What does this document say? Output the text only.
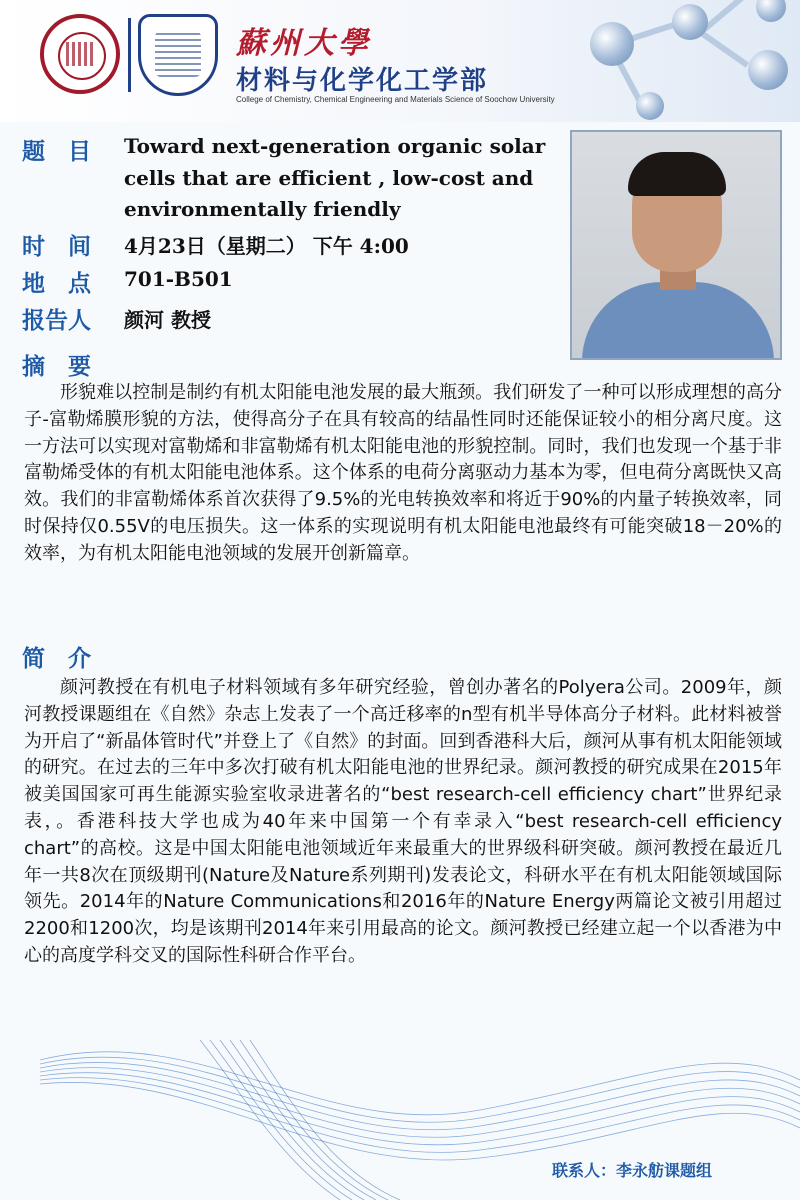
蘇州大學
材料与化学化工学部
College of Chemistry, Chemical Engineering and Materials Science of Soochow University
题　目 Toward next-generation organic solar
cells that are efficient , low-cost and
environmentally friendly
时　间 4月23日（星期二） 下午 4:00
地　点 701-B501
报告人 颜河 教授
摘　要
形貌难以控制是制约有机太阳能电池发展的最大瓶颈。我们研发了一种可以形成理想的高分子-富勒烯膜形貌的方法，使得高分子在具有较高的结晶性同时还能保证较小的相分离尺度。这一方法可以实现对富勒烯和非富勒烯有机太阳能电池的形貌控制。同时，我们也发现一个基于非富勒烯受体的有机太阳能电池体系。这个体系的电荷分离驱动力基本为零，但电荷分离既快又高效。我们的非富勒烯体系首次获得了9.5%的光电转换效率和将近于90%的内量子转换效率，同时保持仅0.55V的电压损失。这一体系的实现说明有机太阳能电池最终有可能突破18－20%的效率，为有机太阳能电池领域的发展开创新篇章。
简　介
颜河教授在有机电子材料领域有多年研究经验，曾创办著名的Polyera公司。2009年，颜河教授课题组在《自然》杂志上发表了一个高迁移率的n型有机半导体高分子材料。此材料被誉为开启了“新晶体管时代”并登上了《自然》的封面。回到香港科大后，颜河从事有机太阳能领域的研究。在过去的三年中多次打破有机太阳能电池的世界纪录。颜河教授的研究成果在2015年被美国国家可再生能源实验室收录进著名的“best research-cell efficiency chart”世界纪录表，。香港科技大学也成为40年来中国第一个有幸录入“best research-cell efficiency chart”的高校。这是中国太阳能电池领域近年来最重大的世界级科研突破。颜河教授在最近几年一共8次在顶级期刊(Nature及Nature系列期刊)发表论文，科研水平在有机太阳能领域国际领先。2014年的Nature Communications和2016年的Nature Energy两篇论文被引用超过2200和1200次，均是该期刊2014年来引用最高的论文。颜河教授已经建立起一个以香港为中心的高度学科交叉的国际性科研合作平台。
联系人：李永舫课题组
